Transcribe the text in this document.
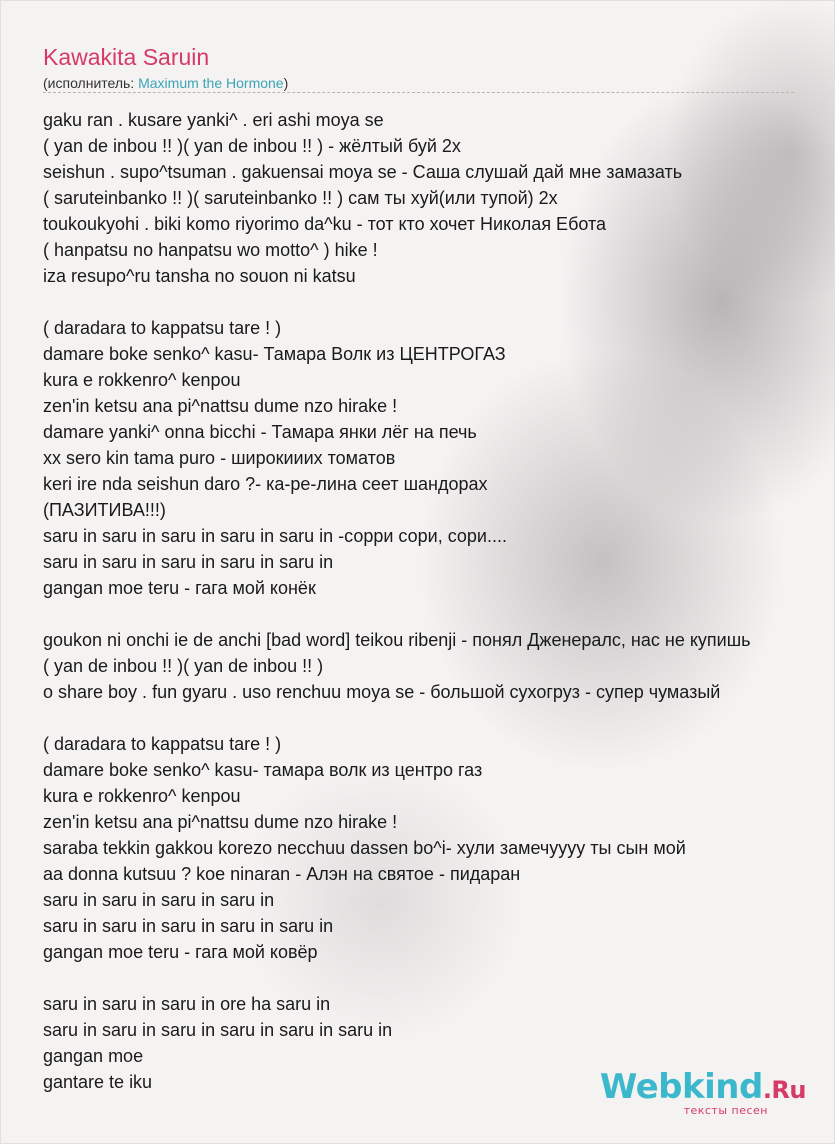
Kawakita Saruin
(исполнитель: Maximum the Hormone)
gaku ran . kusare yanki^ . eri ashi moya se
( yan de inbou !! )( yan de inbou !! ) - жёлтый буй 2х
seishun . supo^tsuman . gakuensai moya se - Саша слушай дай мне замазать
( saruteinbanko !! )( saruteinbanko !! ) сам ты хуй(или тупой) 2х
toukoukyohi . biki komo riyorimo da^ku - тот кто хочет Николая Ебота
( hanpatsu no hanpatsu wo motto^ ) hike !
iza resupo^ru tansha no souon ni katsu
( daradara to kappatsu tare ! )
damare boke senko^ kasu- Тамара Волк из ЦЕНТРОГАЗ
kura e rokkenro^ kenpou
zen'in ketsu ana pi^nattsu dume nzo hirake !
damare yanki^ onna bicchi - Тамара янки лёг на печь
xx sero kin tama puro - широкииих томатов
keri ire nda seishun daro ?- ка-ре-лина сеет шандорах
(ПАЗИТИВА!!!)
saru in saru in saru in saru in saru in -сорри сори, сори....
saru in saru in saru in saru in saru in
gangan moe teru - гага мой конёк
goukon ni onchi ie de anchi [bad word] teikou ribenji - понял Дженералс, нас не купишь
( yan de inbou !! )( yan de inbou !! )
o share boy . fun gyaru . uso renchuu moya se - большой сухогруз - супер чумазый
( daradara to kappatsu tare ! )
damare boke senko^ kasu- тамара волк из центро газ
kura e rokkenro^ kenpou
zen'in ketsu ana pi^nattsu dume nzo hirake !
saraba tekkin gakkou korezo necchuu dassen bo^i- хули замечуууу ты сын мой
aa donna kutsuu ? koe ninaran - Алэн на святое - пидаран
saru in saru in saru in saru in
saru in saru in saru in saru in saru in
gangan moe teru - гага мой ковёр
saru in saru in saru in ore ha saru in
saru in saru in saru in saru in saru in saru in
gangan moe
gantare te iku	Webkind.Ru
тексты песен
